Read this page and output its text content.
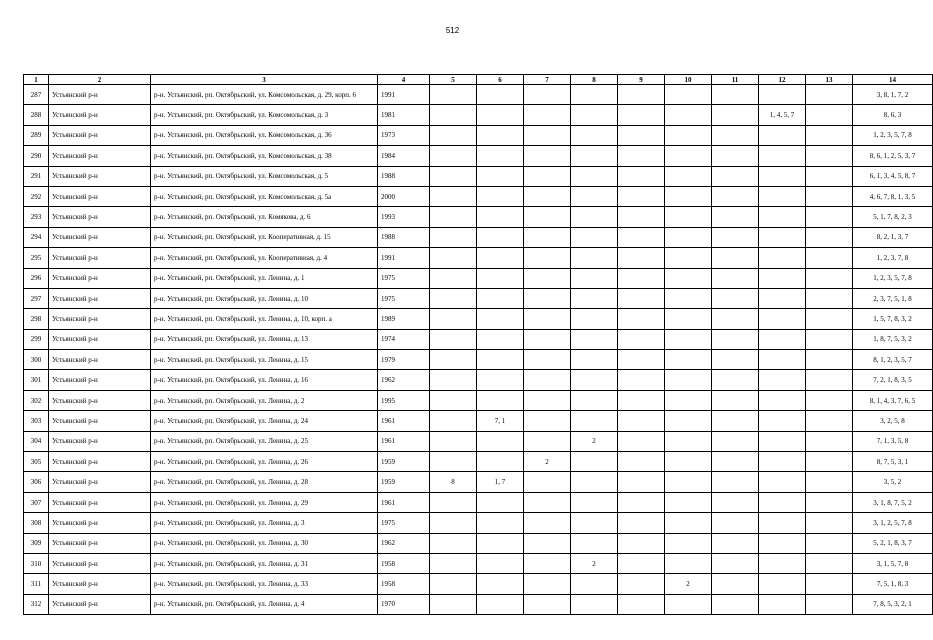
512
1	2	3	4	5	6	7	8	9	10	11	12	13	14
287	Устьянский р-н	р-н. Устьянский, рп. Октябрьский, ул. Комсомольская, д. 29, корп. 6	1991										3, 8, 1, 7, 2
288	Устьянский р-н	р-н. Устьянский, рп. Октябрьский, ул. Комсомольская, д. 3	1981								1, 4, 5, 7		8, 6, 3
289	Устьянский р-н	р-н. Устьянский, рп. Октябрьский, ул. Комсомольская, д. 36	1973										1, 2, 3, 5, 7, 8
290	Устьянский р-н	р-н. Устьянский, рп. Октябрьский, ул. Комсомольская, д. 38	1984										8, 6, 1, 2, 5, 3, 7
291	Устьянский р-н	р-н. Устьянский, рп. Октябрьский, ул. Комсомольская, д. 5	1988										6, 1, 3, 4, 5, 8, 7
292	Устьянский р-н	р-н. Устьянский, рп. Октябрьский, ул. Комсомольская, д. 5а	2000										4, 6, 7, 8, 1, 3, 5
293	Устьянский р-н	р-н. Устьянский, рп. Октябрьский, ул. Комякова, д. 6	1993										5, 1, 7, 8, 2, 3
294	Устьянский р-н	р-н. Устьянский, рп. Октябрьский, ул. Кооперативная, д. 15	1988										8, 2, 1, 3, 7
295	Устьянский р-н	р-н. Устьянский, рп. Октябрьский, ул. Кооперативная, д. 4	1991										1, 2, 3, 7, 8
296	Устьянский р-н	р-н. Устьянский, рп. Октябрьский, ул. Ленина, д. 1	1975										1, 2, 3, 5, 7, 8
297	Устьянский р-н	р-н. Устьянский, рп. Октябрьский, ул. Ленина, д. 10	1975										2, 3, 7, 5, 1, 8
298	Устьянский р-н	р-н. Устьянский, рп. Октябрьский, ул. Ленина, д. 10, корп. а	1989										1, 5, 7, 8, 3, 2
299	Устьянский р-н	р-н. Устьянский, рп. Октябрьский, ул. Ленина, д. 13	1974										1, 8, 7, 5, 3, 2
300	Устьянский р-н	р-н. Устьянский, рп. Октябрьский, ул. Ленина, д. 15	1979										8, 1, 2, 3, 5, 7
301	Устьянский р-н	р-н. Устьянский, рп. Октябрьский, ул. Ленина, д. 16	1962										7, 2, 1, 8, 3, 5
302	Устьянский р-н	р-н. Устьянский, рп. Октябрьский, ул. Ленина, д. 2	1995										8, 1, 4, 3, 7, 6, 5
303	Устьянский р-н	р-н. Устьянский, рп. Октябрьский, ул. Ленина, д. 24	1961		7, 1								3, 2, 5, 8
304	Устьянский р-н	р-н. Устьянский, рп. Октябрьский, ул. Ленина, д. 25	1961				2						7, 1, 3, 5, 8
305	Устьянский р-н	р-н. Устьянский, рп. Октябрьский, ул. Ленина, д. 26	1959			2							8, 7, 5, 3, 1
306	Устьянский р-н	р-н. Устьянский, рп. Октябрьский, ул. Ленина, д. 28	1959	8	1, 7								3, 5, 2
307	Устьянский р-н	р-н. Устьянский, рп. Октябрьский, ул. Ленина, д. 29	1961										3, 1, 8, 7, 5, 2
308	Устьянский р-н	р-н. Устьянский, рп. Октябрьский, ул. Ленина, д. 3	1975										3, 1, 2, 5, 7, 8
309	Устьянский р-н	р-н. Устьянский, рп. Октябрьский, ул. Ленина, д. 30	1962										5, 2, 1, 8, 3, 7
310	Устьянский р-н	р-н. Устьянский, рп. Октябрьский, ул. Ленина, д. 31	1958				2						3, 1, 5, 7, 8
311	Устьянский р-н	р-н. Устьянский, рп. Октябрьский, ул. Ленина, д. 33	1958						2				7, 5, 1, 8, 3
312	Устьянский р-н	р-н. Устьянский, рп. Октябрьский, ул. Ленина, д. 4	1970										7, 8, 5, 3, 2, 1
